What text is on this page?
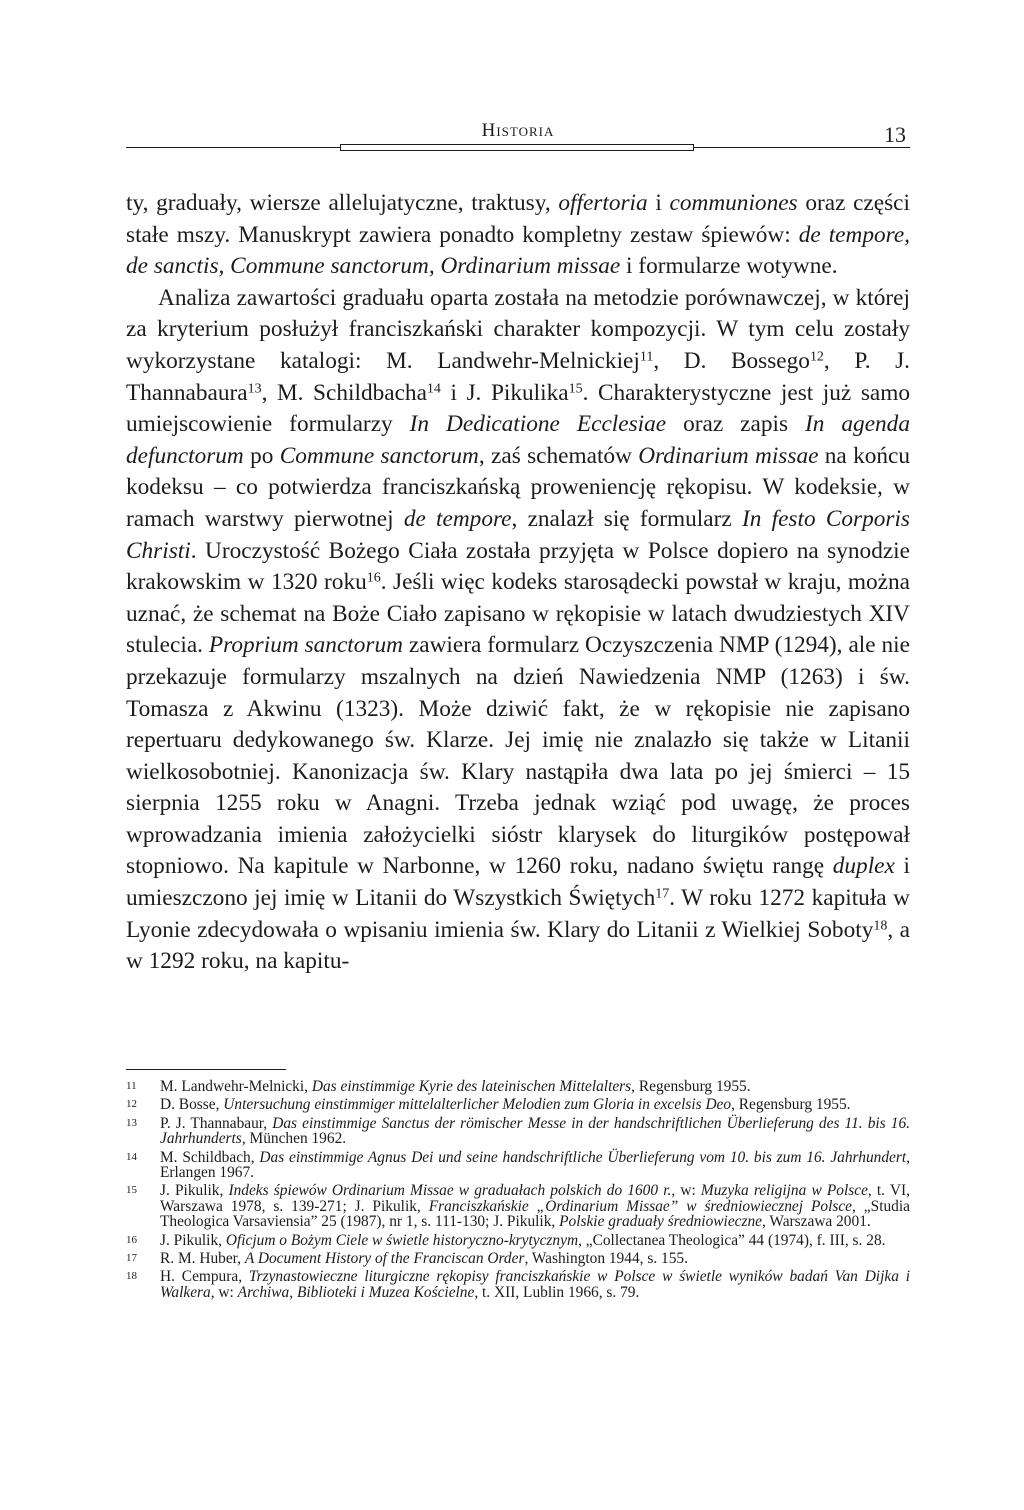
Historia	13

ty, graduały, wiersze allelujatyczne, traktusy, offertoria i communiones oraz części stałe mszy. Manuskrypt zawiera ponadto kompletny zestaw śpiewów: de tempore, de sanctis, Commune sanctorum, Ordinarium missae i formularze wotywne.

Analiza zawartości graduału oparta została na metodzie porównawczej, w której za kryterium posłużył franciszkański charakter kompozycji. W tym celu zostały wykorzystane katalogi: M. Landwehr-Melnickiej$^{11}$, D. Bossego$^{12}$, P. J. Thannabaura$^{13}$, M. Schildbacha$^{14}$ i J. Pikulika$^{15}$. Charakterystyczne jest już samo umiejscowienie formularzy In Dedicatione Ecclesiae oraz zapis In agenda defunctorum po Commune sanctorum, zaś schematów Ordinarium missae na końcu kodeksu – co potwierdza franciszkańską proweniencję rękopisu. W kodeksie, w ramach warstwy pierwotnej de tempore, znalazł się formularz In festo Corporis Christi. Uroczystość Bożego Ciała została przyjęta w Polsce dopiero na synodzie krakowskim w 1320 roku$^{16}$. Jeśli więc kodeks starosądecki powstał w kraju, można uznać, że schemat na Boże Ciało zapisano w rękopisie w latach dwudziestych XIV stulecia. Proprium sanctorum zawiera formularz Oczyszczenia NMP (1294), ale nie przekazuje formularzy mszalnych na dzień Nawiedzenia NMP (1263) i św. Tomasza z Akwinu (1323). Może dziwić fakt, że w rękopisie nie zapisano repertuaru dedykowanego św. Klarze. Jej imię nie znalazło się także w Litanii wielkosobotniej. Kanonizacja św. Klary nastąpiła dwa lata po jej śmierci – 15 sierpnia 1255 roku w Anagni. Trzeba jednak wziąć pod uwagę, że proces wprowadzania imienia założycielki sióstr klarysek do liturgików postępował stopniowo. Na kapitule w Narbonne, w 1260 roku, nadano świętu rangę duplex i umieszczono jej imię w Litanii do Wszystkich Świętych$^{17}$. W roku 1272 kapituła w Lyonie zdecydowała o wpisaniu imienia św. Klary do Litanii z Wielkiej Soboty$^{18}$, a w 1292 roku, na kapitu-

11	M. Landwehr-Melnicki, Das einstimmige Kyrie des lateinischen Mittelalters, Regensburg 1955.
12	D. Bosse, Untersuchung einstimmiger mittelalterlicher Melodien zum Gloria in excelsis Deo, Regensburg 1955.
13	P. J. Thannabaur, Das einstimmige Sanctus der römischer Messe in der handschriftlichen Überlieferung des 11. bis 16. Jahrhunderts, München 1962.
14	M. Schildbach, Das einstimmige Agnus Dei und seine handschriftliche Überlieferung vom 10. bis zum 16. Jahrhundert, Erlangen 1967.
15	J. Pikulik, Indeks śpiewów Ordinarium Missae w graduałach polskich do 1600 r., w: Muzyka religijna w Polsce, t. VI, Warszawa 1978, s. 139-271; J. Pikulik, Franciszkańskie „Ordinarium Missae” w średniowiecznej Polsce, „Studia Theologica Varsaviensia” 25 (1987), nr 1, s. 111-130; J. Pikulik, Polskie graduały średniowieczne, Warszawa 2001.
16	J. Pikulik, Oficjum o Bożym Ciele w świetle historyczno-krytycznym, „Collectanea Theologica” 44 (1974), f. III, s. 28.
17	R. M. Huber, A Document History of the Franciscan Order, Washington 1944, s. 155.
18	H. Cempura, Trzynastowieczne liturgiczne rękopisy franciszkańskie w Polsce w świetle wyników badań Van Dijka i Walkera, w: Archiwa, Biblioteki i Muzea Kościelne, t. XII, Lublin 1966, s. 79.
